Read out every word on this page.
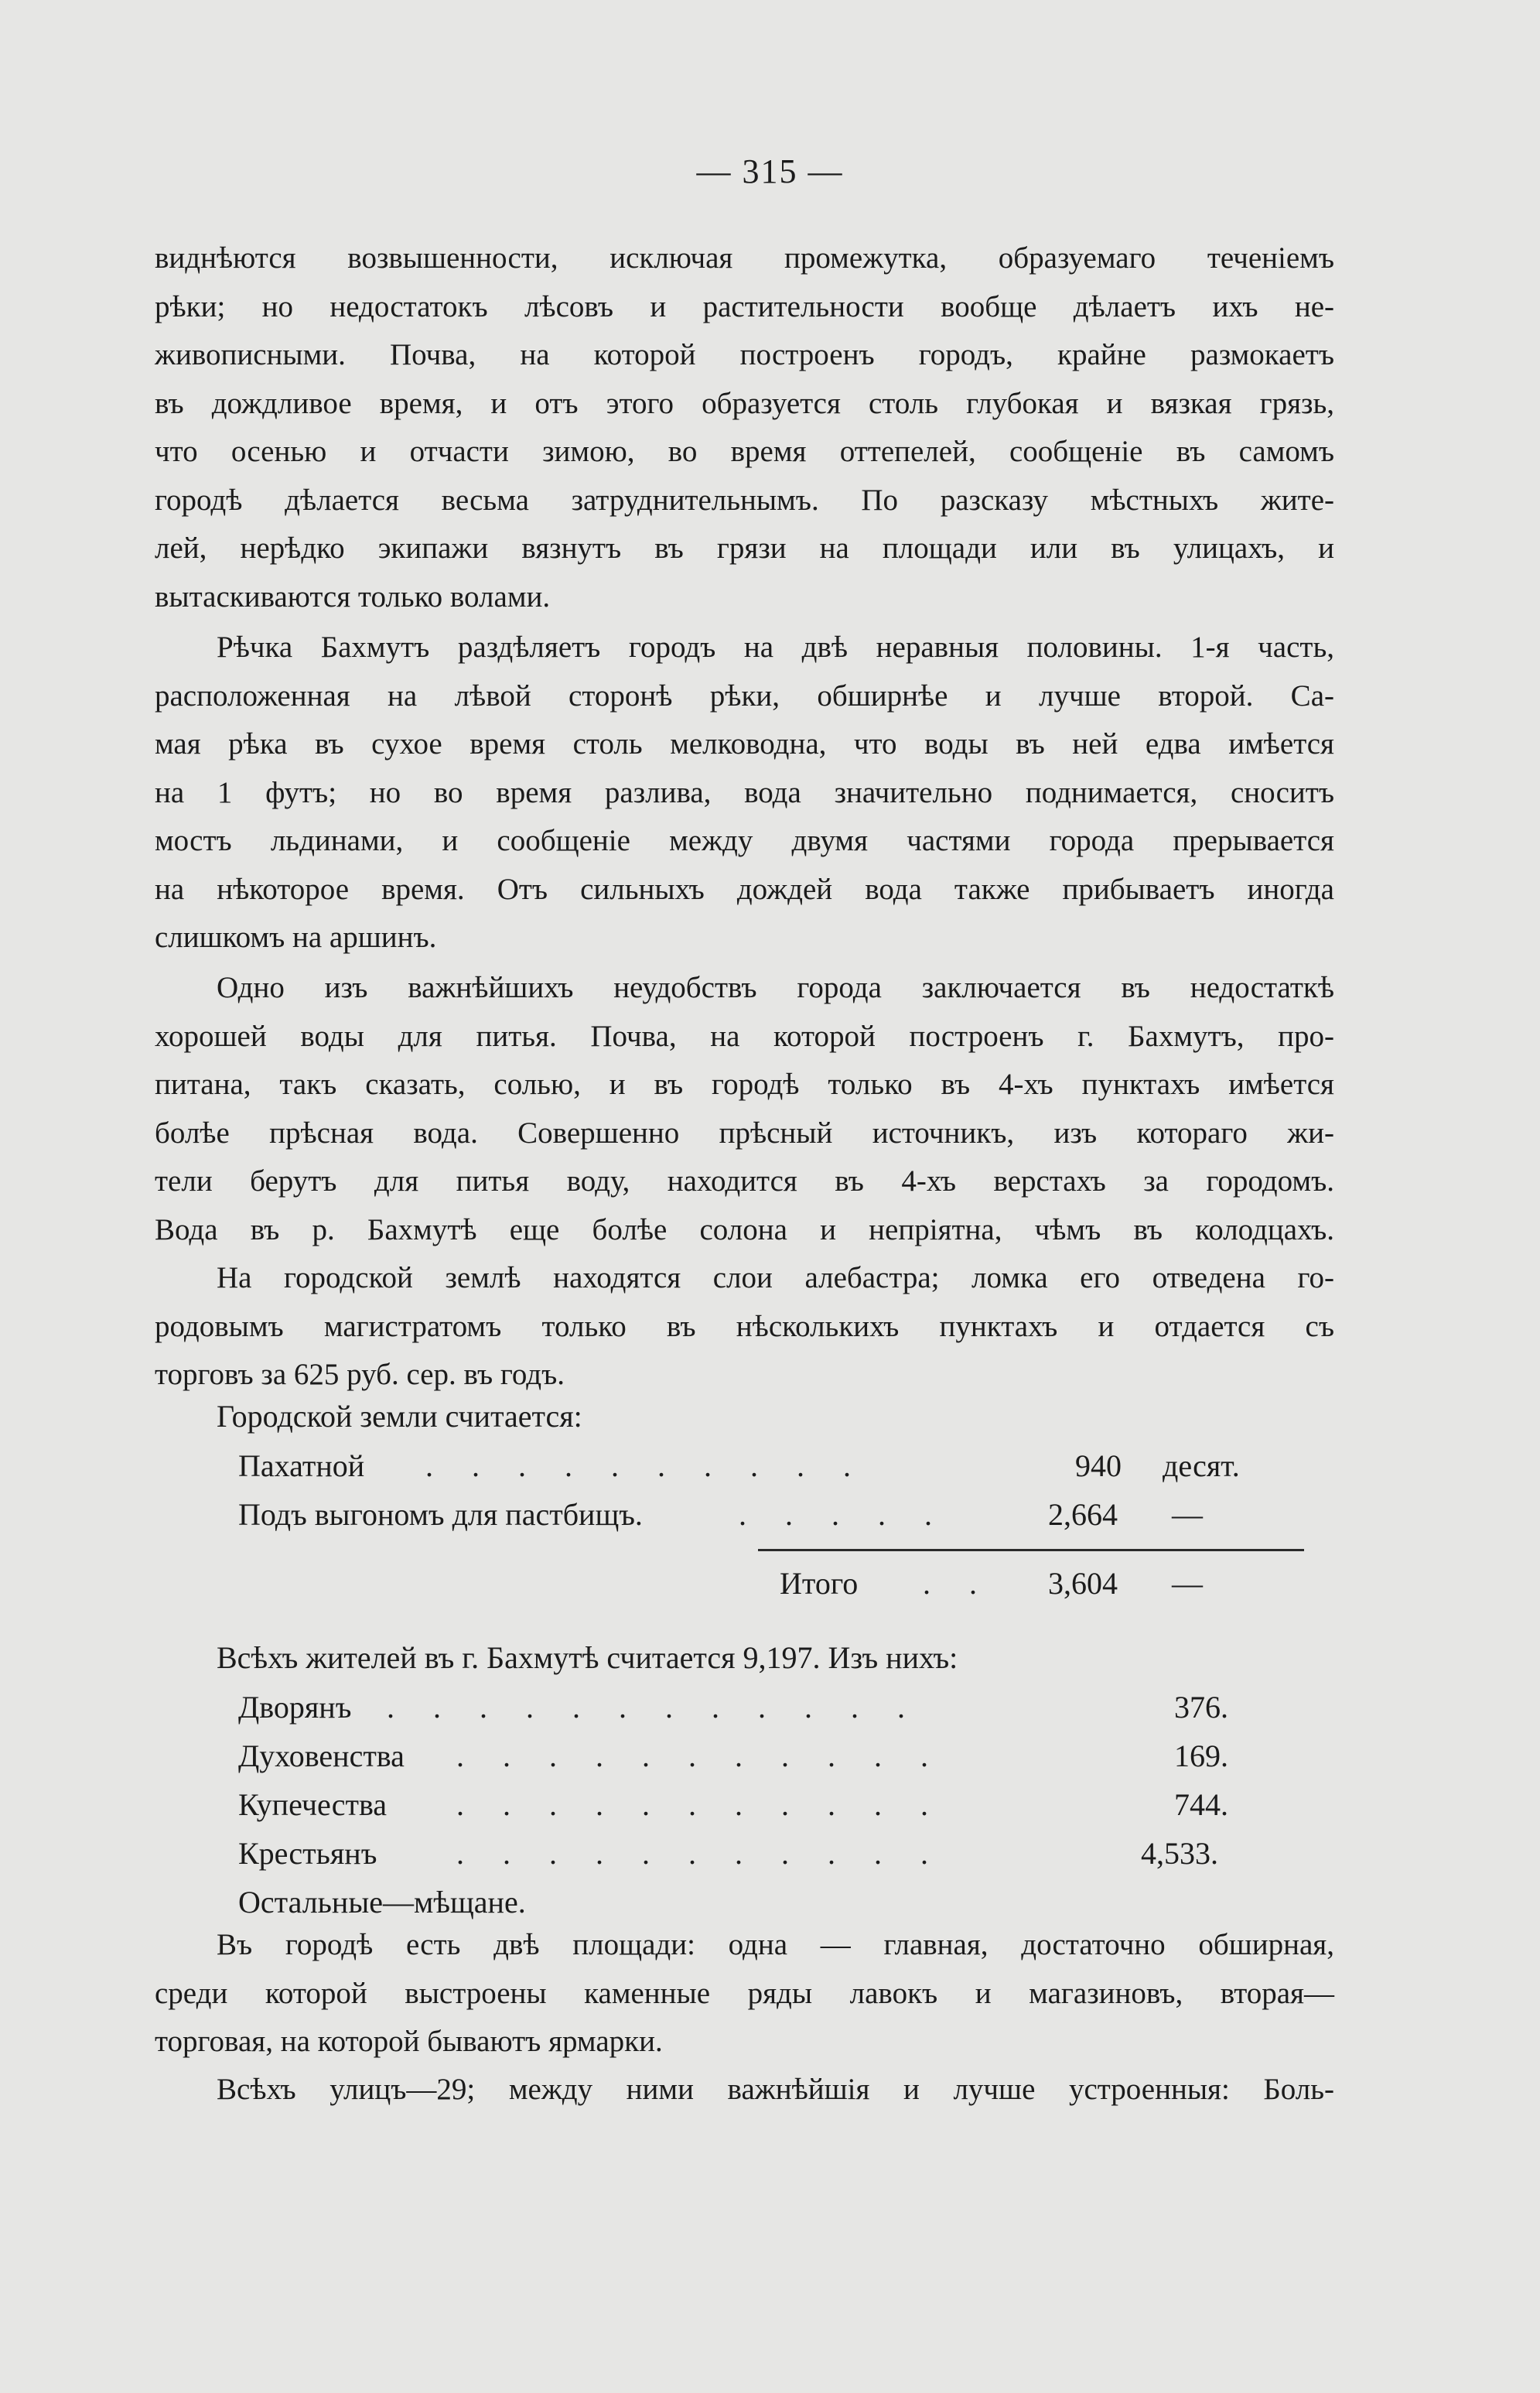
— 315 —
виднѣются возвышенности, исключая промежутка, образуемаго теченіемъ
рѣки; но недостатокъ лѣсовъ и растительности вообще дѣлаетъ ихъ не-
живописными. Почва, на которой построенъ городъ, крайне размокаетъ
въ дождливое время, и отъ этого образуется столь глубокая и вязкая грязь,
что осенью и отчасти зимою, во время оттепелей, сообщеніе въ самомъ
городѣ дѣлается весьма затруднительнымъ. По разсказу мѣстныхъ жите-
лей, нерѣдко экипажи вязнутъ въ грязи на площади или въ улицахъ, и
вытаскиваются только волами.
Рѣчка Бахмутъ раздѣляетъ городъ на двѣ неравныя половины. 1-я часть,
расположенная на лѣвой сторонѣ рѣки, обширнѣе и лучше второй. Са-
мая рѣка въ сухое время столь мелководна, что воды въ ней едва имѣется
на 1 футъ; но во время разлива, вода значительно поднимается, сноситъ
мостъ льдинами, и сообщеніе между двумя частями города прерывается
на нѣкоторое время. Отъ сильныхъ дождей вода также прибываетъ иногда
слишкомъ на аршинъ.
Одно изъ важнѣйшихъ неудобствъ города заключается въ недостаткѣ
хорошей воды для питья. Почва, на которой построенъ г. Бахмутъ, про-
питана, такъ сказать, солью, и въ городѣ только въ 4-хъ пунктахъ имѣется
болѣе прѣсная вода. Совершенно прѣсный источникъ, изъ котораго жи-
тели берутъ для питья воду, находится въ 4-хъ верстахъ за городомъ.
Вода въ р. Бахмутѣ еще болѣе солона и непріятна, чѣмъ въ колодцахъ.
На городской землѣ находятся слои алебастра; ломка его отведена го-
родовымъ магистратомъ только въ нѣсколькихъ пунктахъ и отдается съ
торговъ за 625 руб. сер. въ годъ.
Городской земли считается:
Пахатной . . . . . . . . . .	940 десят.
Подъ выгономъ для пастбищъ.	. . . . .	2,664 —
Итого . . 3,604 —
Всѣхъ жителей въ г. Бахмутѣ считается 9,197. Изъ нихъ:
Дворянъ . . . . . . . . . . . .	376.
Духовенства . . . . . . . . . . .	169.
Купечества . . . . . . . . . . .	744.
Крестьянъ	. . . . . . . . . . .	4,533.
Остальные—мѣщане.
Въ городѣ есть двѣ площади: одна — главная, достаточно обширная,
среди которой выстроены каменные ряды лавокъ и магазиновъ, вторая—
торговая, на которой бываютъ ярмарки.
Всѣхъ улицъ—29; между ними важнѣйшія и лучше устроенныя: Боль-
